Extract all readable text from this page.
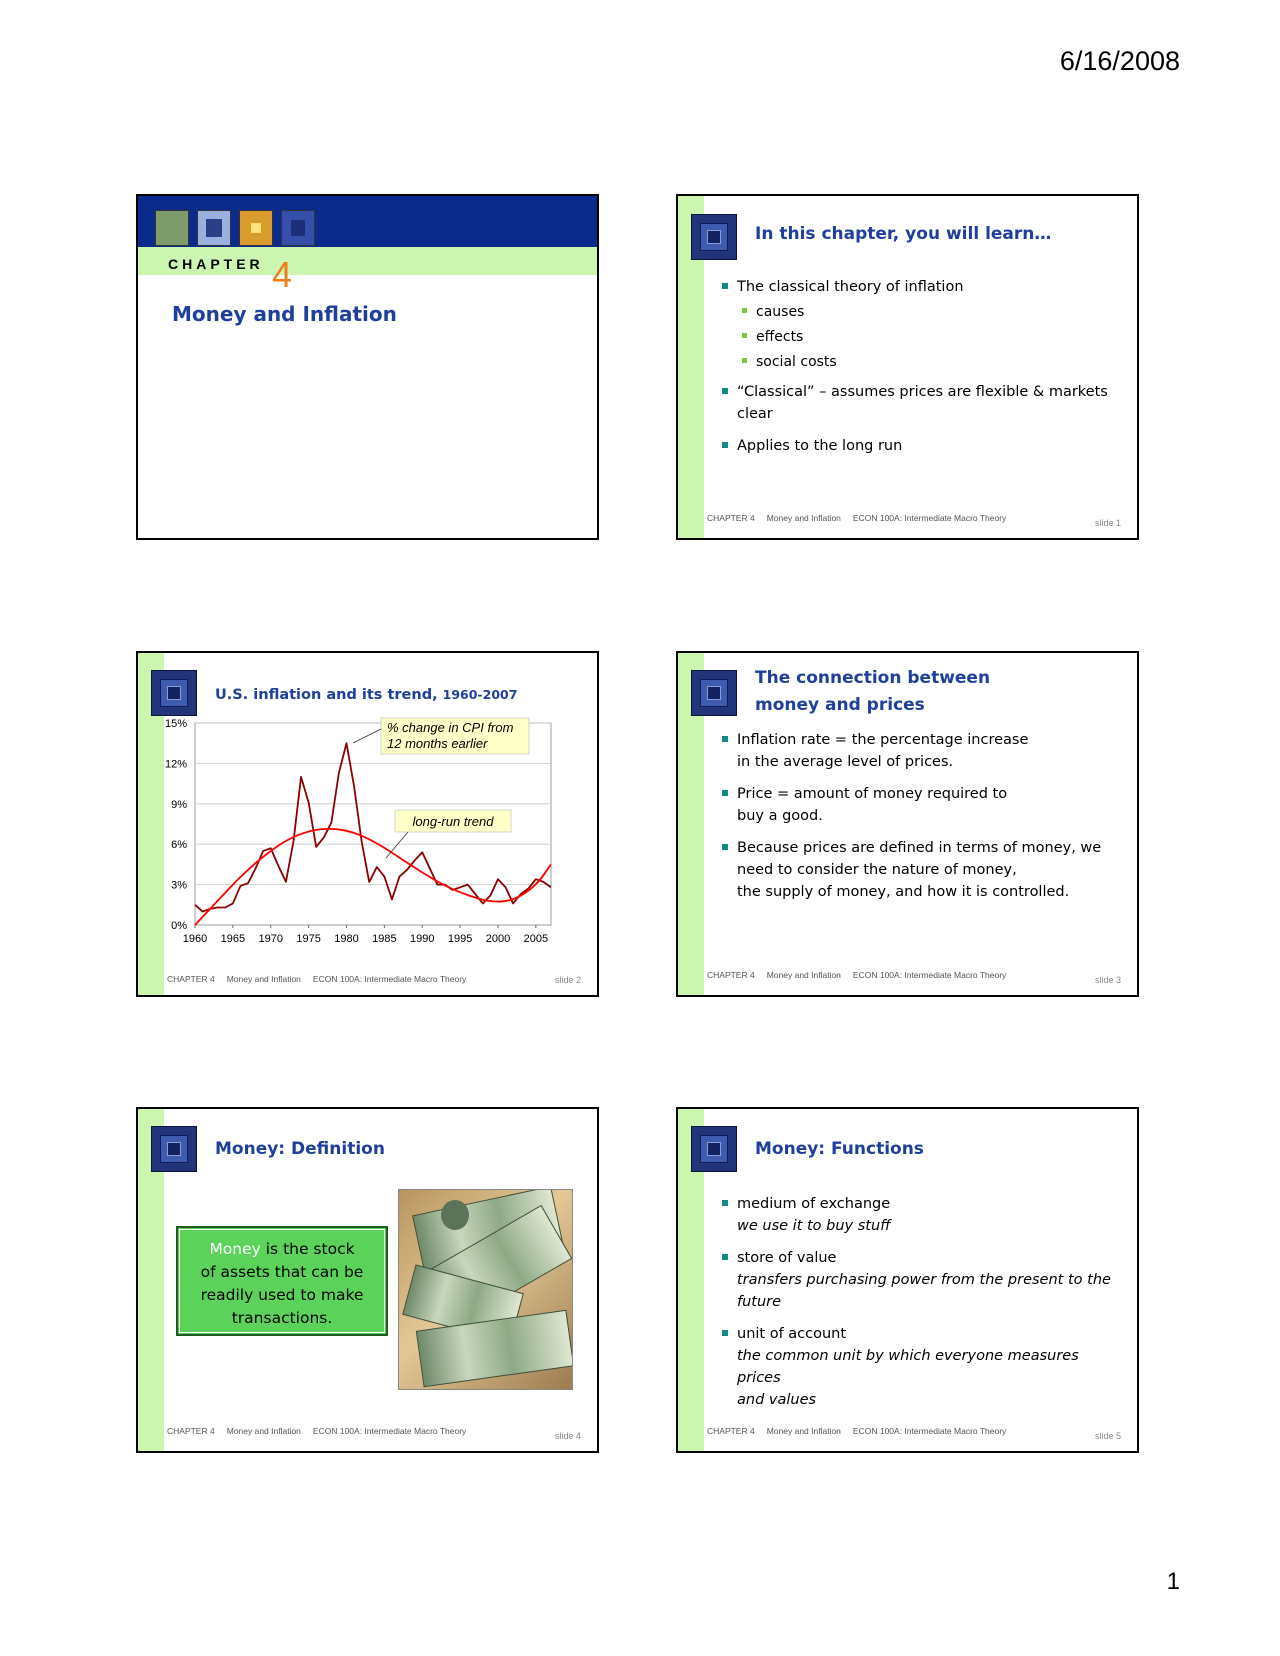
6/16/2008
CHAPTER 4
Money and Inflation
In this chapter, you will learn…
The classical theory of inflation
causes
effects
social costs
“Classical” – assumes prices are flexible & markets
clear
Applies to the long run
CHAPTER 4 Money and Inflation ECON 100A: Intermediate Macro Theory	slide 1
U.S. inflation and its trend, 1960-2007
0%
3%
6%
9%
12%
15%
1960 1965 1970 1975 1980 1985 1990 1995 2000 2005
% change in CPI from
12 months earlier
long-run trend
CHAPTER 4 Money and Inflation ECON 100A: Intermediate Macro Theory	slide 2
The connection between
money and prices
Inflation rate = the percentage increase
in the average level of prices.
Price = amount of money required to
buy a good.
Because prices are defined in terms of money, we
need to consider the nature of money,
the supply of money, and how it is controlled.
CHAPTER 4 Money and Inflation ECON 100A: Intermediate Macro Theory	slide 3
Money: Definition
Money is the stock
of assets that can be
readily used to make
transactions.
CHAPTER 4 Money and Inflation ECON 100A: Intermediate Macro Theory	slide 4
Money: Functions
medium of exchange
we use it to buy stuff
store of value
transfers purchasing power from the present to the
future
unit of account
the common unit by which everyone measures prices
and values
CHAPTER 4 Money and Inflation ECON 100A: Intermediate Macro Theory	slide 5
1
